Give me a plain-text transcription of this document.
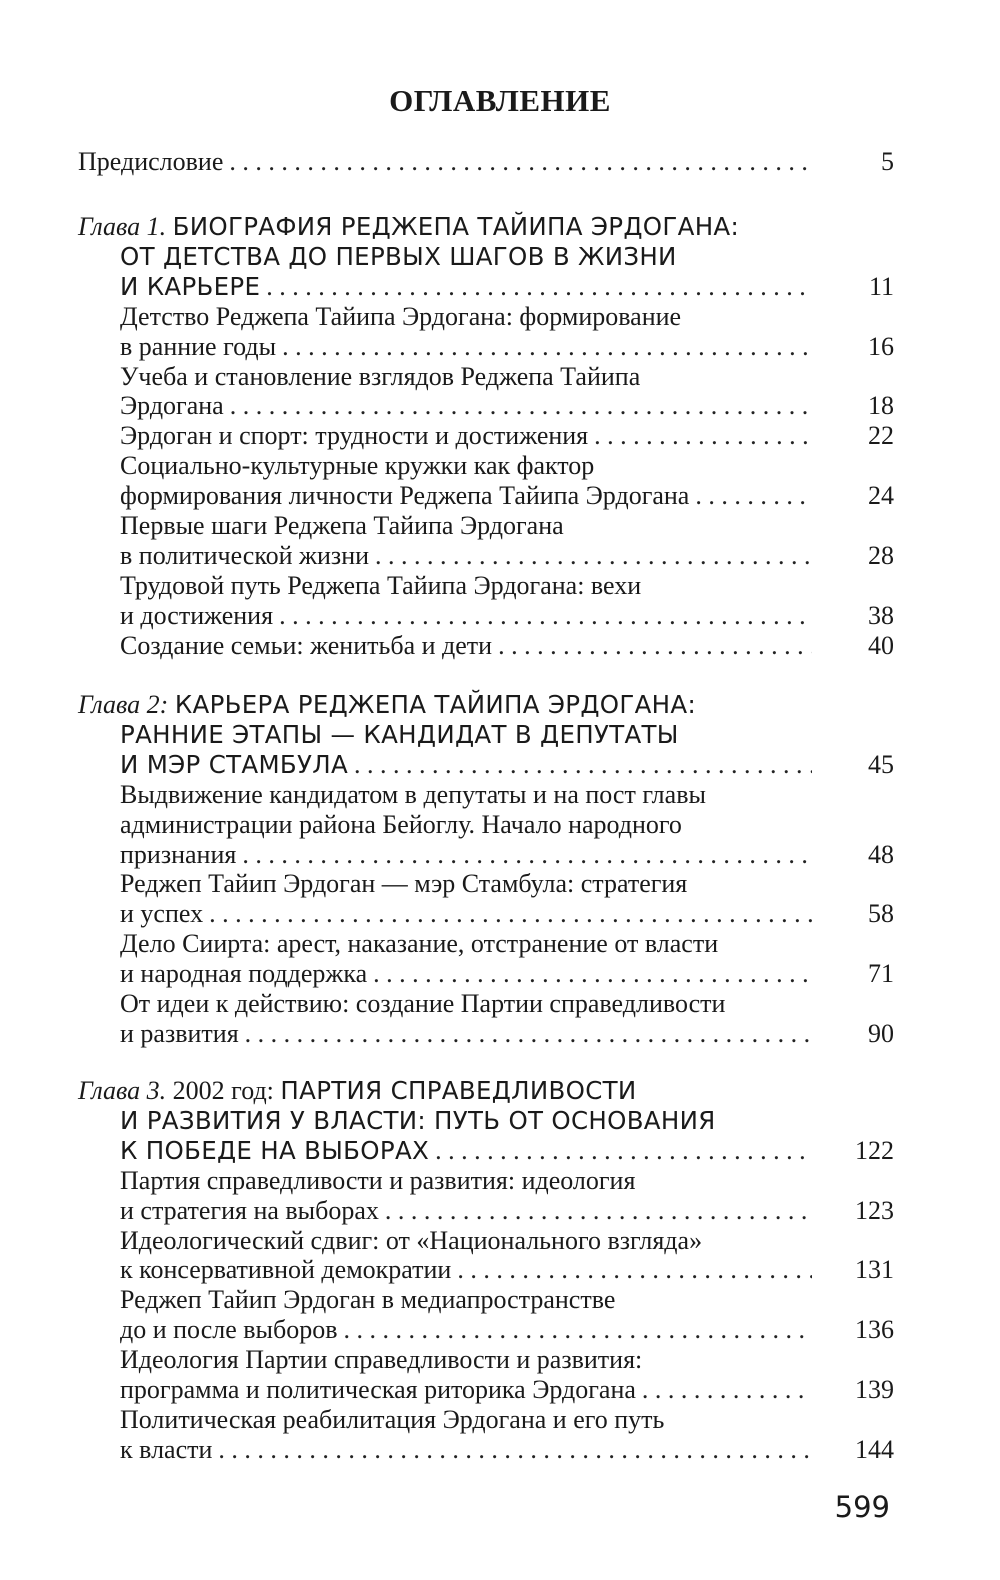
ОГЛАВЛЕНИЕ
Предисловие . . .	5
Глава 1.
БИОГРАФИЯ РЕДЖЕПА ТАЙИПА ЭРДОГАНА:
ОТ ДЕТСТВА ДО ПЕРВЫХ ШАГОВ В ЖИЗНИ
И КАРЬЕРЕ . . .	11
Детство Реджепа Тайипа Эрдогана: формирование
в ранние годы . . .	16
Учеба и становление взглядов Реджепа Тайипа
Эрдогана . . .	18
Эрдоган и спорт: трудности и достижения . . .	22
Социально-культурные кружки как фактор
формирования личности Реджепа Тайипа Эрдогана . . .	24
Первые шаги Реджепа Тайипа Эрдогана
в политической жизни . . .	28
Трудовой путь Реджепа Тайипа Эрдогана: вехи
и достижения . . .	38
Создание семьи: женитьба и дети . . .	40
Глава 2:
КАРЬЕРА РЕДЖЕПА ТАЙИПА ЭРДОГАНА:
РАННИЕ ЭТАПЫ — КАНДИДАТ В ДЕПУТАТЫ
И МЭР СТАМБУЛА . . .	45
Выдвижение кандидатом в депутаты и на пост главы
администрации района Бейоглу. Начало народного
признания . . .	48
Реджеп Тайип Эрдоган — мэр Стамбула: стратегия
и успех . . .	58
Дело Сиирта: арест, наказание, отстранение от власти
и народная поддержка . . .	71
От идеи к действию: создание Партии справедливости
и развития . . .	90
Глава 3.
2002 год:
ПАРТИЯ СПРАВЕДЛИВОСТИ
И РАЗВИТИЯ У ВЛАСТИ: ПУТЬ ОТ ОСНОВАНИЯ
К ПОБЕДЕ НА ВЫБОРАХ . . .	122
Партия справедливости и развития: идеология
и стратегия на выборах . . .	123
Идеологический сдвиг: от «Национального взгляда»
к консервативной демократии . . .	131
Реджеп Тайип Эрдоган в медиапространстве
до и после выборов . . .	136
Идеология Партии справедливости и развития:
программа и политическая риторика Эрдогана . . .	139
Политическая реабилитация Эрдогана и его путь
к власти . . .	144
599
